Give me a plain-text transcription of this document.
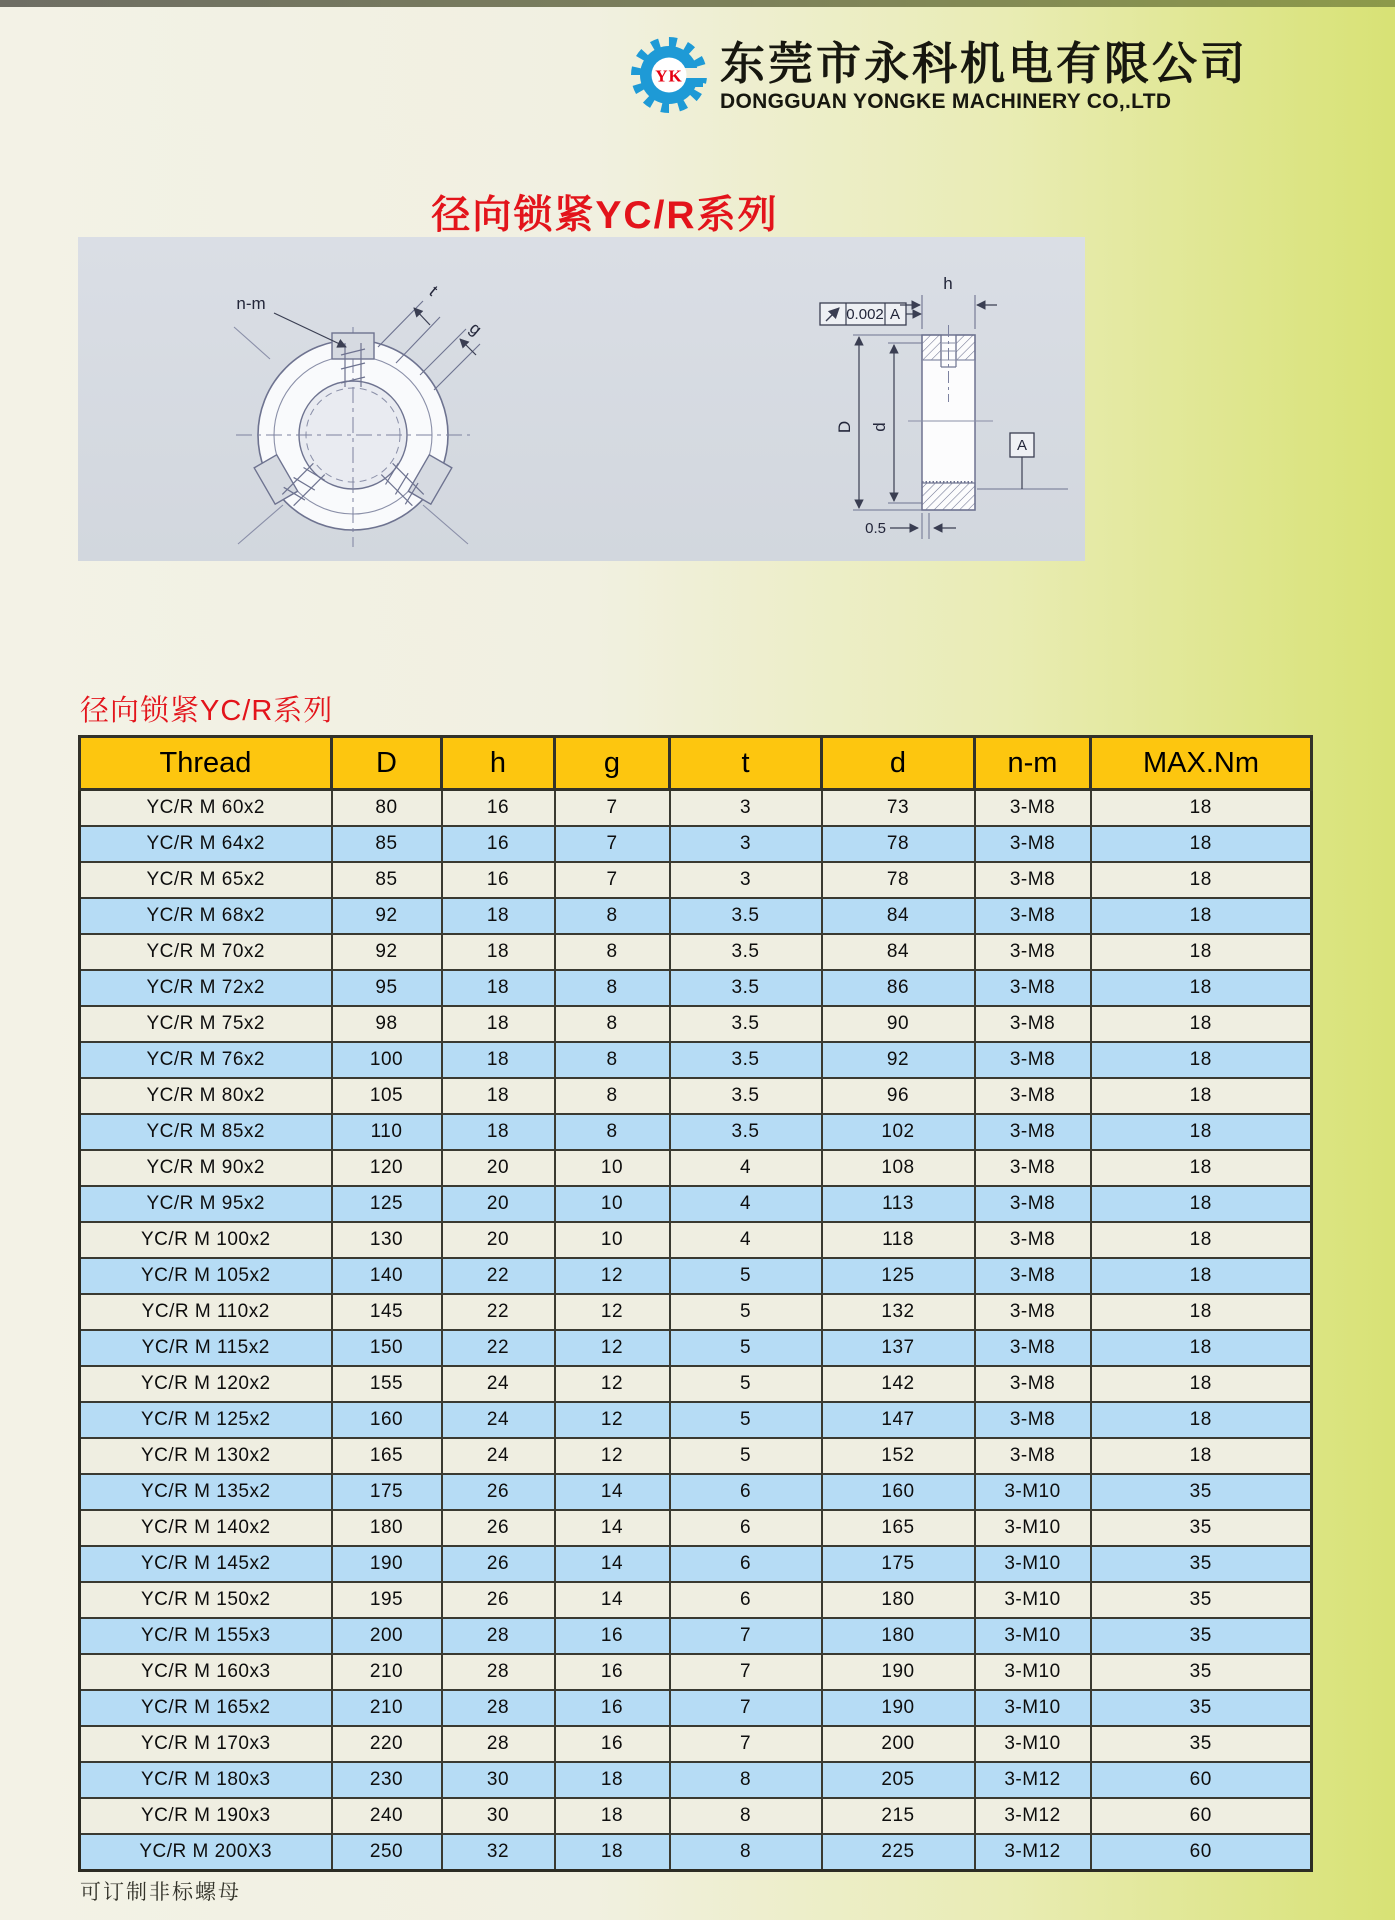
YK 东莞市永科机电有限公司
DONGGUAN YONGKE MACHINERY CO,.LTD
径向锁紧YC/R系列
n-m
t
g
0.002 A
h
D d
0.5
A
径向锁紧YC/R系列
Thread	D	h	g	t	d	n-m	MAX.Nm
YC/R M 60x2	80	16	7	3	73	3-M8	18
YC/R M 64x2	85	16	7	3	78	3-M8	18
YC/R M 65x2	85	16	7	3	78	3-M8	18
YC/R M 68x2	92	18	8	3.5	84	3-M8	18
YC/R M 70x2	92	18	8	3.5	84	3-M8	18
YC/R M 72x2	95	18	8	3.5	86	3-M8	18
YC/R M 75x2	98	18	8	3.5	90	3-M8	18
YC/R M 76x2	100	18	8	3.5	92	3-M8	18
YC/R M 80x2	105	18	8	3.5	96	3-M8	18
YC/R M 85x2	110	18	8	3.5	102	3-M8	18
YC/R M 90x2	120	20	10	4	108	3-M8	18
YC/R M 95x2	125	20	10	4	113	3-M8	18
YC/R M 100x2	130	20	10	4	118	3-M8	18
YC/R M 105x2	140	22	12	5	125	3-M8	18
YC/R M 110x2	145	22	12	5	132	3-M8	18
YC/R M 115x2	150	22	12	5	137	3-M8	18
YC/R M 120x2	155	24	12	5	142	3-M8	18
YC/R M 125x2	160	24	12	5	147	3-M8	18
YC/R M 130x2	165	24	12	5	152	3-M8	18
YC/R M 135x2	175	26	14	6	160	3-M10	35
YC/R M 140x2	180	26	14	6	165	3-M10	35
YC/R M 145x2	190	26	14	6	175	3-M10	35
YC/R M 150x2	195	26	14	6	180	3-M10	35
YC/R M 155x3	200	28	16	7	180	3-M10	35
YC/R M 160x3	210	28	16	7	190	3-M10	35
YC/R M 165x2	210	28	16	7	190	3-M10	35
YC/R M 170x3	220	28	16	7	200	3-M10	35
YC/R M 180x3	230	30	18	8	205	3-M12	60
YC/R M 190x3	240	30	18	8	215	3-M12	60
YC/R M 200X3	250	32	18	8	225	3-M12	60
可订制非标螺母
